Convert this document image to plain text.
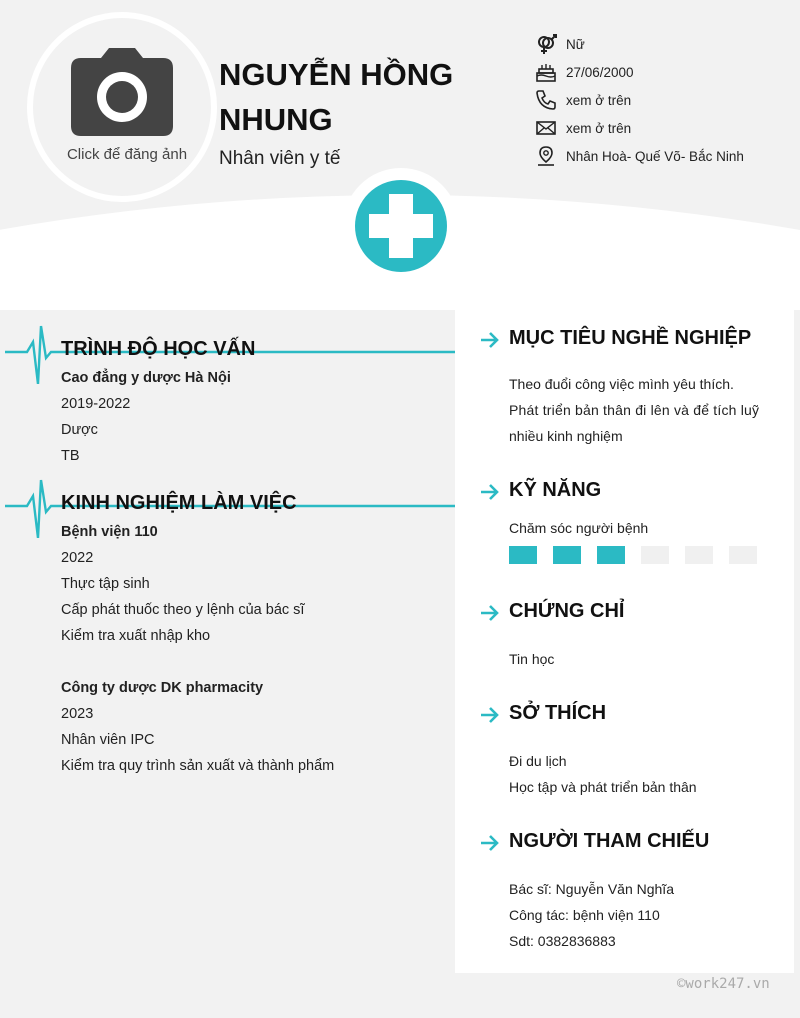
Click để đăng ảnh
NGUYỄN HỒNG
NHUNG
Nhân viên y tế
Nữ
27/06/2000
xem ở trên
xem ở trên
Nhân Hoà- Quế Võ- Bắc Ninh
TRÌNH ĐỘ HỌC VẤN
Cao đẳng y dược Hà Nội
2019-2022
Dược
TB
KINH NGHIỆM LÀM VIỆC
Bệnh viện 110
2022
Thực tập sinh
Cấp phát thuốc theo y lệnh của bác sĩ
Kiểm tra xuất nhập kho
Công ty dược DK pharmacity
2023
Nhân viên IPC
Kiểm tra quy trình sản xuất và thành phẩm
MỤC TIÊU NGHỀ NGHIỆP
Theo đuổi công việc mình yêu thích.
Phát triển bản thân đi lên và để tích luỹ
nhiều kinh nghiệm
KỸ NĂNG
Chăm sóc người bệnh
CHỨNG CHỈ
Tin học
SỞ THÍCH
Đi du lịch
Học tập và phát triển bản thân
NGƯỜI THAM CHIẾU
Bác sĩ: Nguyễn Văn Nghĩa
Công tác: bệnh viện 110
Sdt: 0382836883
©work247.vn
